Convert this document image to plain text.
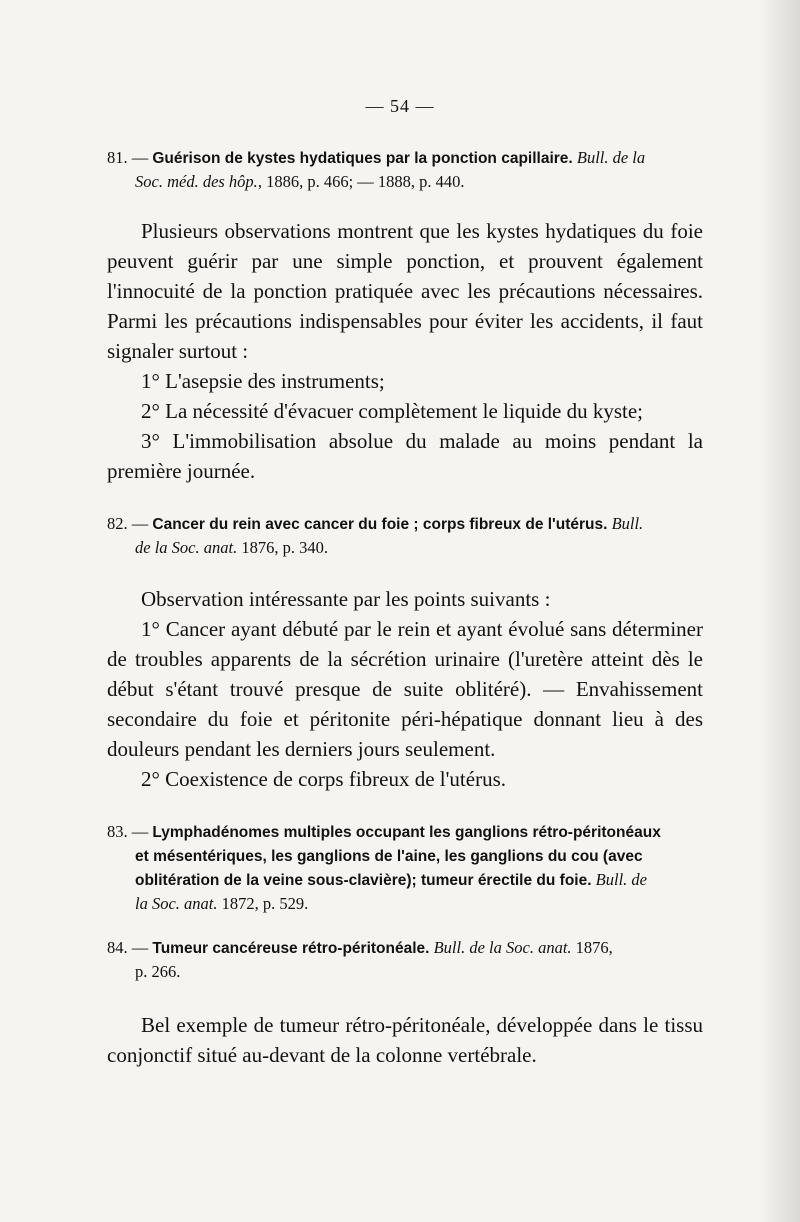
— 54 —
81. — Guérison de kystes hydatiques par la ponction capillaire. Bull. de la
Soc. méd. des hôp., 1886, p. 466; — 1888, p. 440.

Plusieurs observations montrent que les kystes hydatiques du foie peuvent guérir par une simple ponction, et prouvent également l'innocuité de la ponction pratiquée avec les précautions nécessaires. Parmi les précautions indispensables pour éviter les accidents, il faut signaler surtout :

1° L'asepsie des instruments;

2° La nécessité d'évacuer complètement le liquide du kyste;

3° L'immobilisation absolue du malade au moins pendant la première journée.

82. — Cancer du rein avec cancer du foie ; corps fibreux de l'utérus. Bull.
de la Soc. anat. 1876, p. 340.

Observation intéressante par les points suivants :

1° Cancer ayant débuté par le rein et ayant évolué sans déterminer de troubles apparents de la sécrétion urinaire (l'uretère atteint dès le début s'étant trouvé presque de suite oblitéré). — Envahissement secondaire du foie et péritonite péri-hépatique donnant lieu à des douleurs pendant les derniers jours seulement.

2° Coexistence de corps fibreux de l'utérus.

83. — Lymphadénomes multiples occupant les ganglions rétro-péritonéaux
et mésentériques, les ganglions de l'aine, les ganglions du cou (avec
oblitération de la veine sous-clavière); tumeur érectile du foie. Bull. de
la Soc. anat. 1872, p. 529.
84. — Tumeur cancéreuse rétro-péritonéale. Bull. de la Soc. anat. 1876,
p. 266.

Bel exemple de tumeur rétro-péritonéale, développée dans le tissu conjonctif situé au-devant de la colonne vertébrale.
